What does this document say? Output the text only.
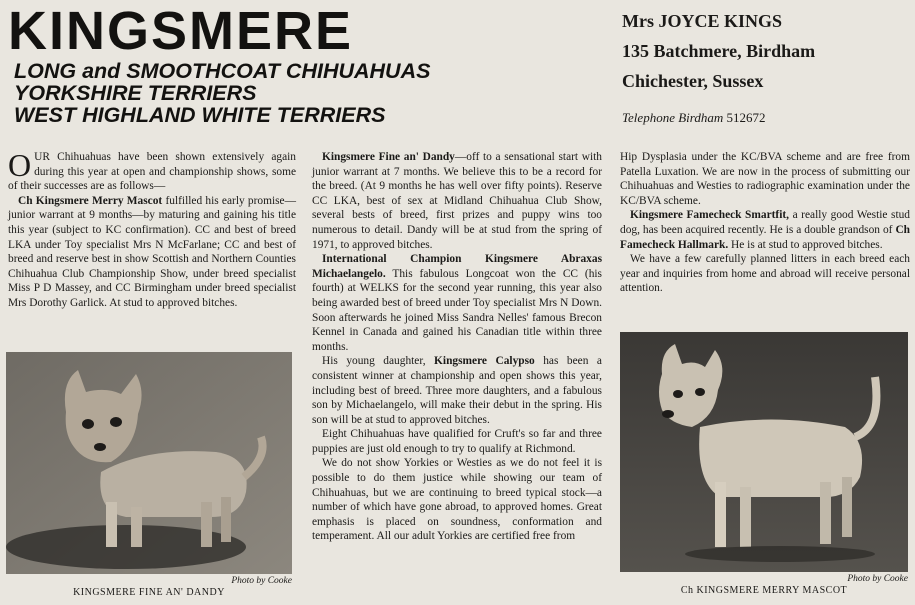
KINGSMERE
LONG and SMOOTHCOAT CHIHUAHUAS
YORKSHIRE TERRIERS
WEST HIGHLAND WHITE TERRIERS
Mrs JOYCE KINGS
135 Batchmere, Birdham
Chichester, Sussex
Telephone Birdham 512672

OUR Chihuahuas have been shown extensively again during this year at open and championship shows, some of their successes are as follows—

Ch Kingsmere Merry Mascot fulfilled his early promise—junior warrant at 9 months—by maturing and gaining his title this year (subject to KC confirmation). CC and best of breed LKA under Toy specialist Mrs N McFarlane; CC and best of breed and reserve best in show Scottish and Northern Counties Chihuahua Club Championship Show, under breed specialist Miss P D Massey, and CC Birmingham under breed specialist Mrs Dorothy Garlick. At stud to approved bitches.

Photo by Cooke
KINGSMERE FINE AN' DANDY

Kingsmere Fine an' Dandy—off to a sensational start with junior warrant at 7 months. We believe this to be a record for the breed. (At 9 months he has well over fifty points). Reserve CC LKA, best of sex at Midland Chihuahua Club Show, several bests of breed, first prizes and puppy wins too numerous to detail. Dandy will be at stud from the spring of 1971, to approved bitches.

International Champion Kingsmere Abraxas Michaelangelo. This fabulous Longcoat won the CC (his fourth) at WELKS for the second year running, this year also being awarded best of breed under Toy specialist Mrs N Down. Soon afterwards he joined Miss Sandra Nelles' famous Brecon Kennel in Canada and gained his Canadian title within three months.

His young daughter, Kingsmere Calypso has been a consistent winner at championship and open shows this year, including best of breed. Three more daughters, and a fabulous son by Michaelangelo, will make their debut in the spring. His son will be at stud to approved bitches.

Eight Chihuahuas have qualified for Cruft's so far and three puppies are just old enough to try to qualify at Richmond.

We do not show Yorkies or Westies as we do not feel it is possible to do them justice while showing our team of Chihuahuas, but we are continuing to breed typical stock—a number of which have gone abroad, to approved homes. Great emphasis is placed on soundness, conformation and temperament. All our adult Yorkies are certified free from

Hip Dysplasia under the KC/BVA scheme and are free from Patella Luxation. We are now in the process of submitting our Chihuahuas and Westies to radiographic examination under the KC/BVA scheme.

Kingsmere Famecheck Smartfit, a really good Westie stud dog, has been acquired recently. He is a double grandson of Ch Famecheck Hallmark. He is at stud to approved bitches.

We have a few carefully planned litters in each breed each year and inquiries from home and abroad will receive personal attention.

Photo by Cooke
Ch KINGSMERE MERRY MASCOT
